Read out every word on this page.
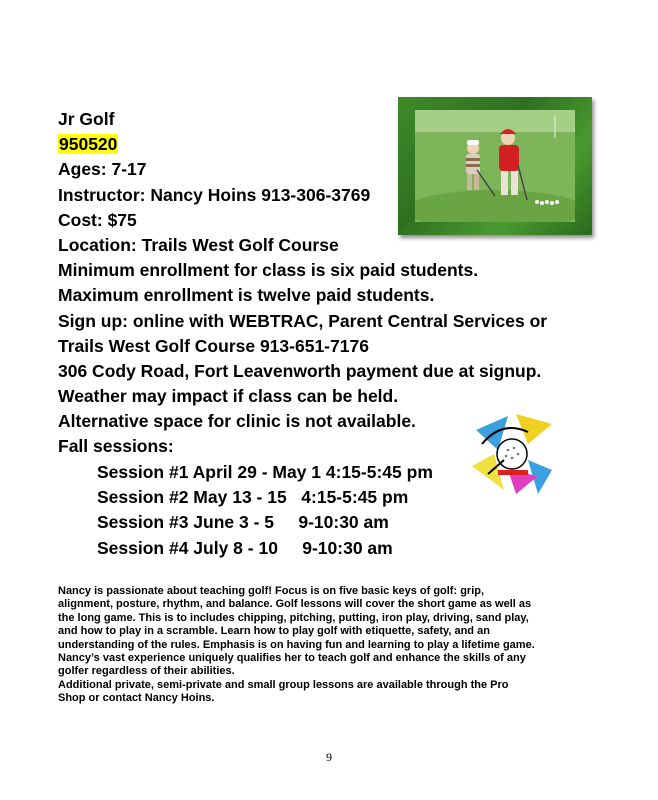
Jr Golf
950520
Ages: 7-17
Instructor: Nancy Hoins 913-306-3769
Cost: $75
Location: Trails West Golf Course
Minimum enrollment for class is six paid students.
Maximum enrollment is twelve paid students.
Sign up: online with WEBTRAC, Parent Central Services or
Trails West Golf Course 913-651-7176
306 Cody Road, Fort Leavenworth payment due at signup.
Weather may impact if class can be held.
Alternative space for clinic is not available.
Fall sessions:
Session #1 April 29 - May 1 4:15-5:45 pm
Session #2 May 13 - 15   4:15-5:45 pm
Session #3 June 3 - 5     9-10:30 am
Session #4 July 8 - 10     9-10:30 am
Nancy is passionate about teaching golf! Focus is on five basic keys of golf: grip,
alignment, posture, rhythm, and balance. Golf lessons will cover the short game as well as
the long game. This is to includes chipping, pitching, putting, iron play, driving, sand play,
and how to play in a scramble. Learn how to play golf with etiquette, safety, and an
understanding of the rules. Emphasis is on having fun and learning to play a lifetime game.
Nancy’s vast experience uniquely qualifies her to teach golf and enhance the skills of any
golfer regardless of their abilities.
Additional private, semi-private and small group lessons are available through the Pro
Shop or contact Nancy Hoins.
9
